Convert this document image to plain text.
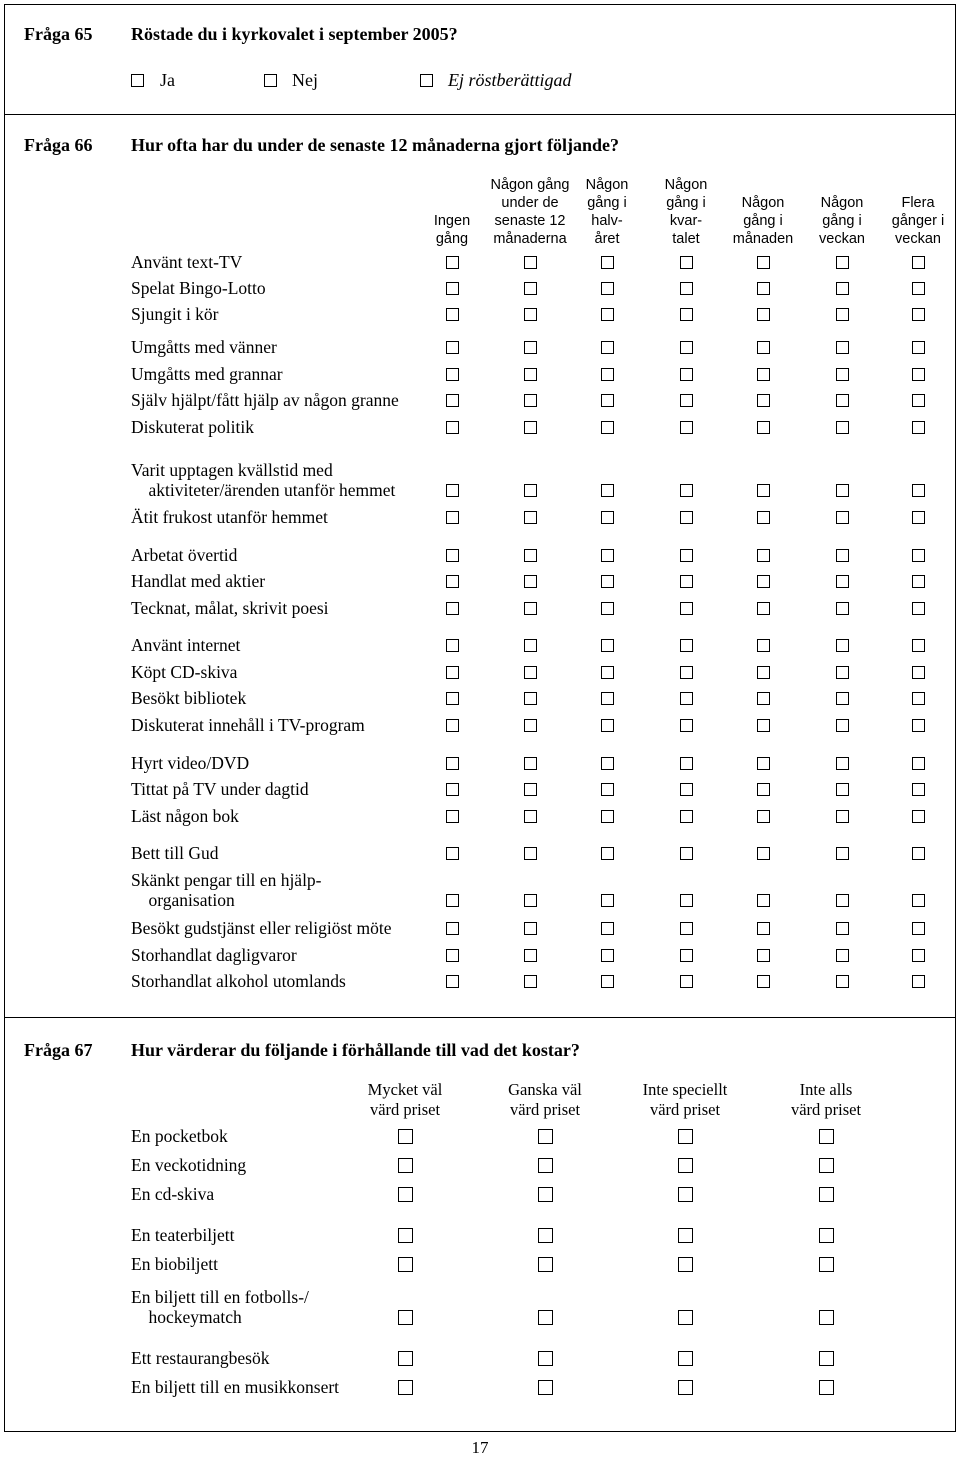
Fråga 65 Röstade du i kyrkovalet i september 2005?
Ja	Nej	Ej röstberättigad
Fråga 66 Hur ofta har du under de senaste 12 månaderna gjort följande?
Ingen
gång
Någon gång
under de
senaste 12
månaderna
Någon
gång i
halv-
året
Någon
gång i
kvar-
talet
Någon
gång i
månaden
Någon
gång i
veckan
Flera
gånger i
veckan
Använt text-TV
Spelat Bingo-Lotto
Sjungit i kör
Umgåtts med vänner
Umgåtts med grannar
Själv hjälpt/fått hjälp av någon granne
Diskuterat politik
Varit upptagen kvällstid med
aktiviteter/ärenden utanför hemmet
Ätit frukost utanför hemmet
Arbetat övertid
Handlat med aktier
Tecknat, målat, skrivit poesi
Använt internet
Köpt CD-skiva
Besökt bibliotek
Diskuterat innehåll i TV-program
Hyrt video/DVD
Tittat på TV under dagtid
Läst någon bok
Bett till Gud
Skänkt pengar till en hjälp-
organisation
Besökt gudstjänst eller religiöst möte
Storhandlat dagligvaror
Storhandlat alkohol utomlands
Fråga 67 Hur värderar du följande i förhållande till vad det kostar?
Mycket väl
värd priset
Ganska väl
värd priset
Inte speciellt
värd priset
Inte alls
värd priset
En pocketbok
En veckotidning
En cd-skiva
En teaterbiljett
En biobiljett
En biljett till en fotbolls-/
hockeymatch
Ett restaurangbesök
En biljett till en musikkonsert
17
